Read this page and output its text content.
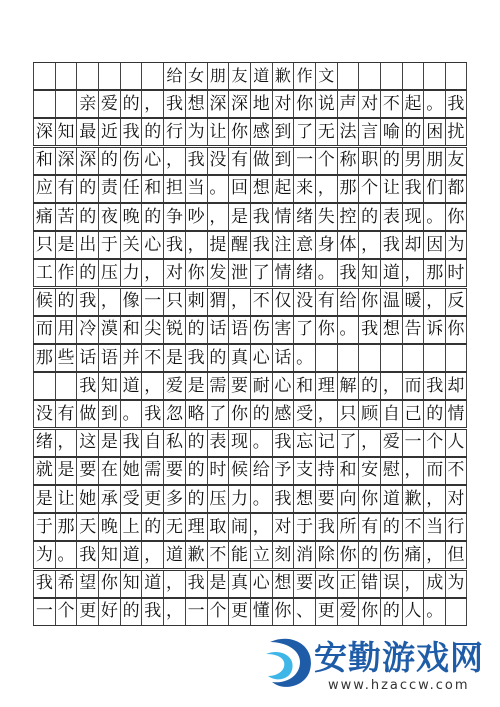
给 女 朋 友 道 歉 作 文
亲 爱 的 ， 我 想 深 深 地 对 你 说 声 对 不 起 。 我
深 知 最 近 我 的 行 为 让 你 感 到 了 无 法 言 喻 的 困 扰
和 深 深 的 伤 心 ， 我 没 有 做 到 一 个 称 职 的 男 朋 友
应 有 的 责 任 和 担 当 。 回 想 起 来 ， 那 个 让 我 们 都
痛 苦 的 夜 晚 的 争 吵 ， 是 我 情 绪 失 控 的 表 现 。 你
只 是 出 于 关 心 我 ， 提 醒 我 注 意 身 体 ， 我 却 因 为
工 作 的 压 力 ， 对 你 发 泄 了 情 绪 。 我 知 道 ， 那 时
候 的 我 ， 像 一 只 刺 猬 ， 不 仅 没 有 给 你 温 暖 ， 反
而 用 冷 漠 和 尖 锐 的 话 语 伤 害 了 你 。 我 想 告 诉 你
那 些 话 语 并 不 是 我 的 真 心 话 。
我 知 道 ， 爱 是 需 要 耐 心 和 理 解 的 ， 而 我 却
没 有 做 到 。 我 忽 略 了 你 的 感 受 ， 只 顾 自 己 的 情
绪 ， 这 是 我 自 私 的 表 现 。 我 忘 记 了 ， 爱 一 个 人
就 是 要 在 她 需 要 的 时 候 给 予 支 持 和 安 慰 ， 而 不
是 让 她 承 受 更 多 的 压 力 。 我 想 要 向 你 道 歉 ， 对
于 那 天 晚 上 的 无 理 取 闹 ， 对 于 我 所 有 的 不 当 行
为 。 我 知 道 ， 道 歉 不 能 立 刻 消 除 你 的 伤 痛 ， 但
我 希 望 你 知 道 ， 我 是 真 心 想 要 改 正 错 误 ， 成 为
一 个 更 好 的 我 ， 一 个 更 懂 你 、 更 爱 你 的 人 。
安勤游戏网
www.hzaccw.com
